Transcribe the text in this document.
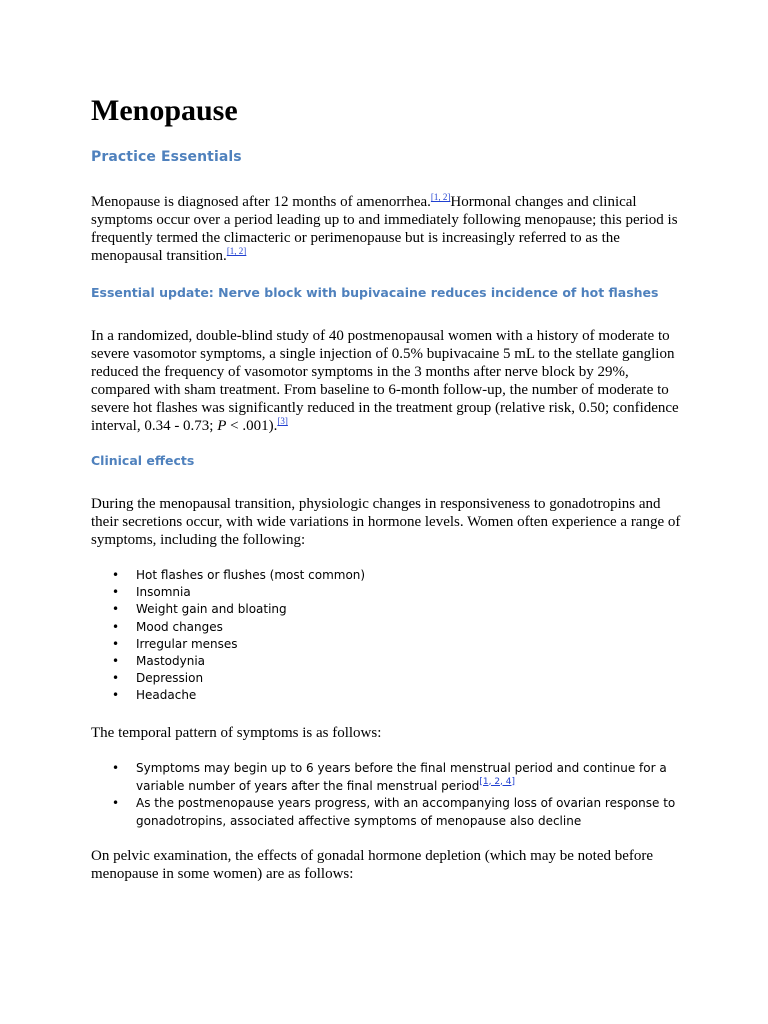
Menopause
Practice Essentials

Menopause is diagnosed after 12 months of amenorrhea.[1, 2]Hormonal changes and clinical symptoms occur over a period leading up to and immediately following menopause; this period is frequently termed the climacteric or perimenopause but is increasingly referred to as the menopausal transition.[1, 2]

Essential update: Nerve block with bupivacaine reduces incidence of hot flashes

In a randomized, double-blind study of 40 postmenopausal women with a history of moderate to severe vasomotor symptoms, a single injection of 0.5% bupivacaine 5 mL to the stellate ganglion reduced the frequency of vasomotor symptoms in the 3 months after nerve block by 29%, compared with sham treatment. From baseline to 6-month follow-up, the number of moderate to severe hot flashes was significantly reduced in the treatment group (relative risk, 0.50; confidence interval, 0.34 - 0.73; P < .001).[3]

Clinical effects

During the menopausal transition, physiologic changes in responsiveness to gonadotropins and their secretions occur, with wide variations in hormone levels. Women often experience a range of symptoms, including the following:

• Hot flashes or flushes (most common)
• Insomnia
• Weight gain and bloating
• Mood changes
• Irregular menses
• Mastodynia
• Depression
• Headache

The temporal pattern of symptoms is as follows:

• Symptoms may begin up to 6 years before the final menstrual period and continue for a variable number of years after the final menstrual period[1, 2, 4]
• As the postmenopause years progress, with an accompanying loss of ovarian response to gonadotropins, associated affective symptoms of menopause also decline

On pelvic examination, the effects of gonadal hormone depletion (which may be noted before menopause in some women) are as follows:
